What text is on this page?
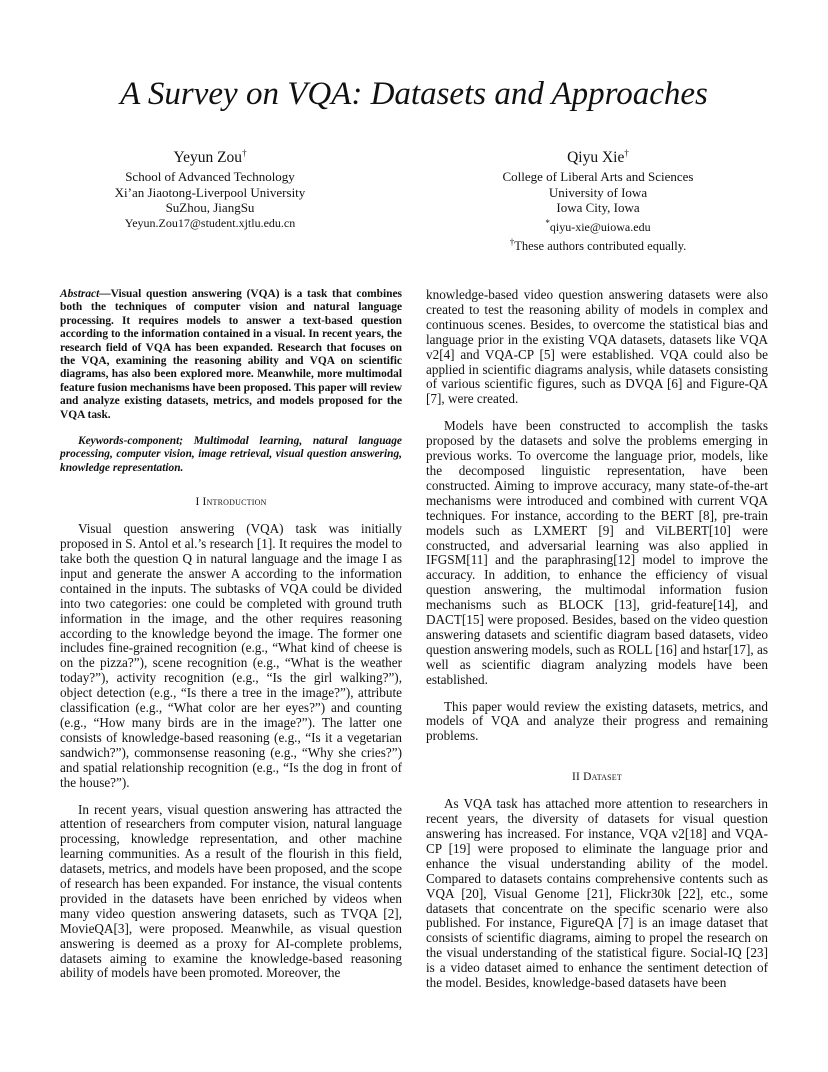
A Survey on VQA: Datasets and Approaches
Yeyun Zou†
School of Advanced Technology
Xi’an Jiaotong-Liverpool University
SuZhou, JiangSu
Yeyun.Zou17@student.xjtlu.edu.cn
Qiyu Xie†
College of Liberal Arts and Sciences
University of Iowa
Iowa City, Iowa
*qiyu-xie@uiowa.edu
†These authors contributed equally.

Abstract—Visual question answering (VQA) is a task that combines both the techniques of computer vision and natural language processing. It requires models to answer a text-based question according to the information contained in a visual. In recent years, the research field of VQA has been expanded. Research that focuses on the VQA, examining the reasoning ability and VQA on scientific diagrams, has also been explored more. Meanwhile, more multimodal feature fusion mechanisms have been proposed. This paper will review and analyze existing datasets, metrics, and models proposed for the VQA task.

Keywords-component; Multimodal learning, natural language processing, computer vision, image retrieval, visual question answering, knowledge representation.

I Introduction

Visual question answering (VQA) task was initially proposed in S. Antol et al.’s research [1]. It requires the model to take both the question Q in natural language and the image I as input and generate the answer A according to the information contained in the inputs. The subtasks of VQA could be divided into two categories: one could be completed with ground truth information in the image, and the other requires reasoning according to the knowledge beyond the image. The former one includes fine-grained recognition (e.g., “What kind of cheese is on the pizza?”), scene recognition (e.g., “What is the weather today?”), activity recognition (e.g., “Is the girl walking?”), object detection (e.g., “Is there a tree in the image?”), attribute classification (e.g., “What color are her eyes?”) and counting (e.g., “How many birds are in the image?”). The latter one consists of knowledge-based reasoning (e.g., “Is it a vegetarian sandwich?”), commonsense reasoning (e.g., “Why she cries?”) and spatial relationship recognition (e.g., “Is the dog in front of the house?”).

In recent years, visual question answering has attracted the attention of researchers from computer vision, natural language processing, knowledge representation, and other machine learning communities. As a result of the flourish in this field, datasets, metrics, and models have been proposed, and the scope of research has been expanded. For instance, the visual contents provided in the datasets have been enriched by videos when many video question answering datasets, such as TVQA [2], MovieQA[3], were proposed. Meanwhile, as visual question answering is deemed as a proxy for AI-complete problems, datasets aiming to examine the knowledge-based reasoning ability of models have been promoted. Moreover, the

knowledge-based video question answering datasets were also created to test the reasoning ability of models in complex and continuous scenes. Besides, to overcome the statistical bias and language prior in the existing VQA datasets, datasets like VQA v2[4] and VQA-CP [5] were established. VQA could also be applied in scientific diagrams analysis, while datasets consisting of various scientific figures, such as DVQA [6] and Figure-QA [7], were created.

Models have been constructed to accomplish the tasks proposed by the datasets and solve the problems emerging in previous works. To overcome the language prior, models, like the decomposed linguistic representation, have been constructed. Aiming to improve accuracy, many state-of-the-art mechanisms were introduced and combined with current VQA techniques. For instance, according to the BERT [8], pre-train models such as LXMERT [9] and ViLBERT[10] were constructed, and adversarial learning was also applied in IFGSM[11] and the paraphrasing[12] model to improve the accuracy. In addition, to enhance the efficiency of visual question answering, the multimodal information fusion mechanisms such as BLOCK [13], grid-feature[14], and DACT[15] were proposed. Besides, based on the video question answering datasets and scientific diagram based datasets, video question answering models, such as ROLL [16] and hstar[17], as well as scientific diagram analyzing models have been established.

This paper would review the existing datasets, metrics, and models of VQA and analyze their progress and remaining problems.

II Dataset

As VQA task has attached more attention to researchers in recent years, the diversity of datasets for visual question answering has increased. For instance, VQA v2[18] and VQA-CP [19] were proposed to eliminate the language prior and enhance the visual understanding ability of the model. Compared to datasets contains comprehensive contents such as VQA [20], Visual Genome [21], Flickr30k [22], etc., some datasets that concentrate on the specific scenario were also published. For instance, FigureQA [7] is an image dataset that consists of scientific diagrams, aiming to propel the research on the visual understanding of the statistical figure. Social-IQ [23] is a video dataset aimed to enhance the sentiment detection of the model. Besides, knowledge-based datasets have been
